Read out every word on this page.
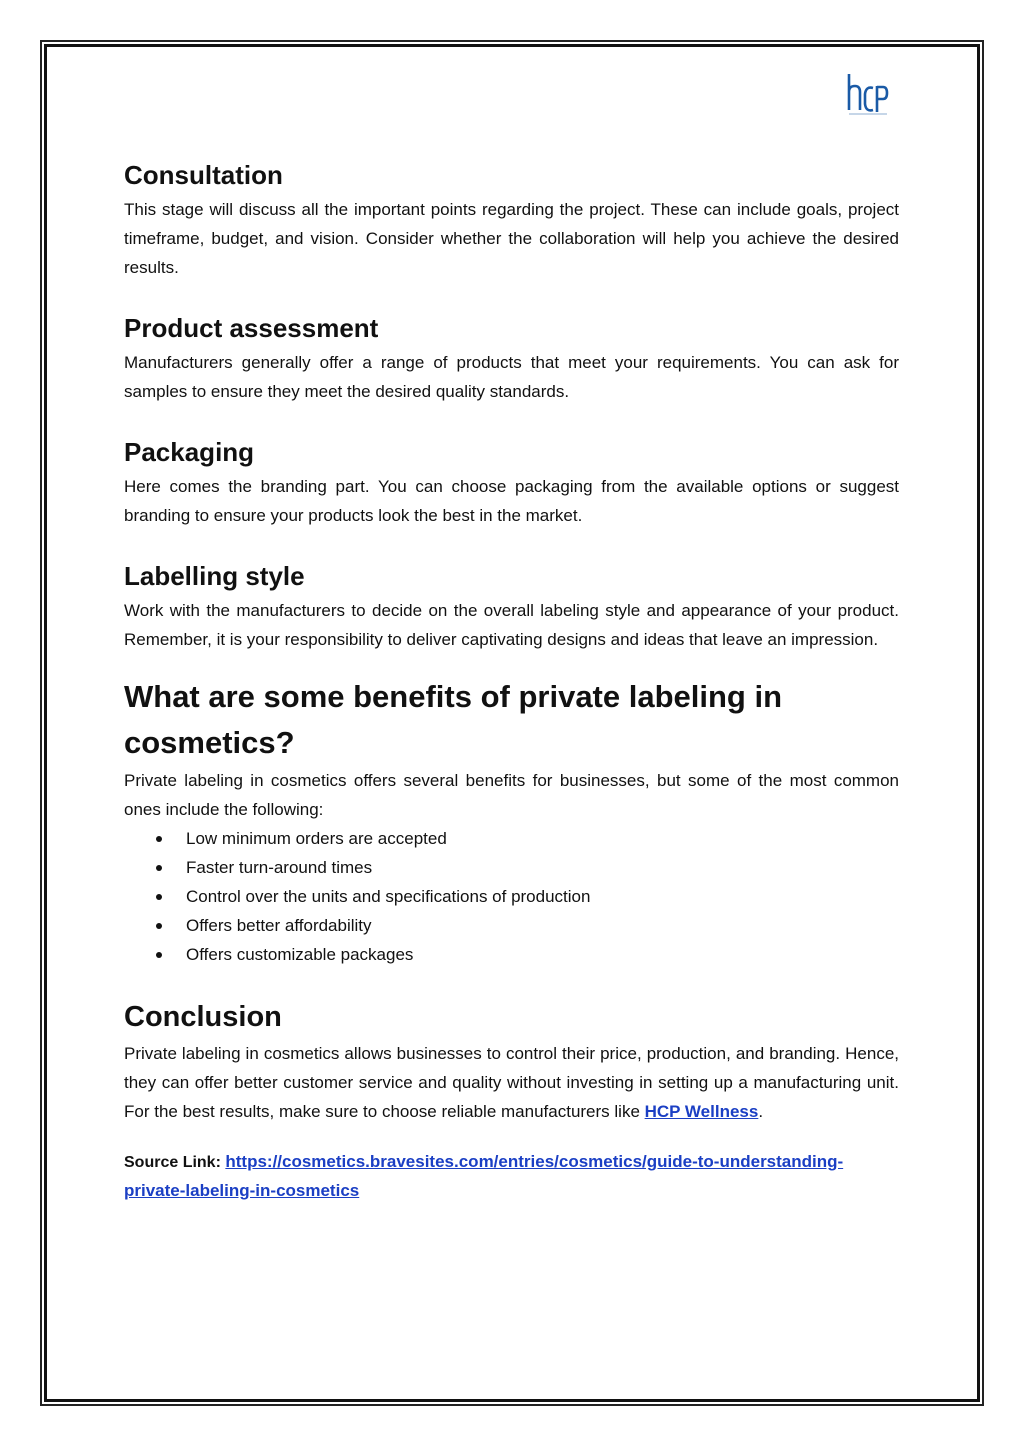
Consultation

This stage will discuss all the important points regarding the project. These can include goals, project timeframe, budget, and vision. Consider whether the collaboration will help you achieve the desired results.

Product assessment

Manufacturers generally offer a range of products that meet your requirements. You can ask for samples to ensure they meet the desired quality standards.

Packaging

Here comes the branding part. You can choose packaging from the available options or suggest branding to ensure your products look the best in the market.

Labelling style

Work with the manufacturers to decide on the overall labeling style and appearance of your product. Remember, it is your responsibility to deliver captivating designs and ideas that leave an impression.

What are some benefits of private labeling in cosmetics?

Private labeling in cosmetics offers several benefits for businesses, but some of the most common ones include the following:

Low minimum orders are accepted
Faster turn-around times
Control over the units and specifications of production
Offers better affordability
Offers customizable packages
Conclusion

Private labeling in cosmetics allows businesses to control their price, production, and branding. Hence, they can offer better customer service and quality without investing in setting up a manufacturing unit. For the best results, make sure to choose reliable manufacturers like HCP Wellness.

Source Link: https://cosmetics.bravesites.com/entries/cosmetics/guide-to-understanding-private-labeling-in-cosmetics
